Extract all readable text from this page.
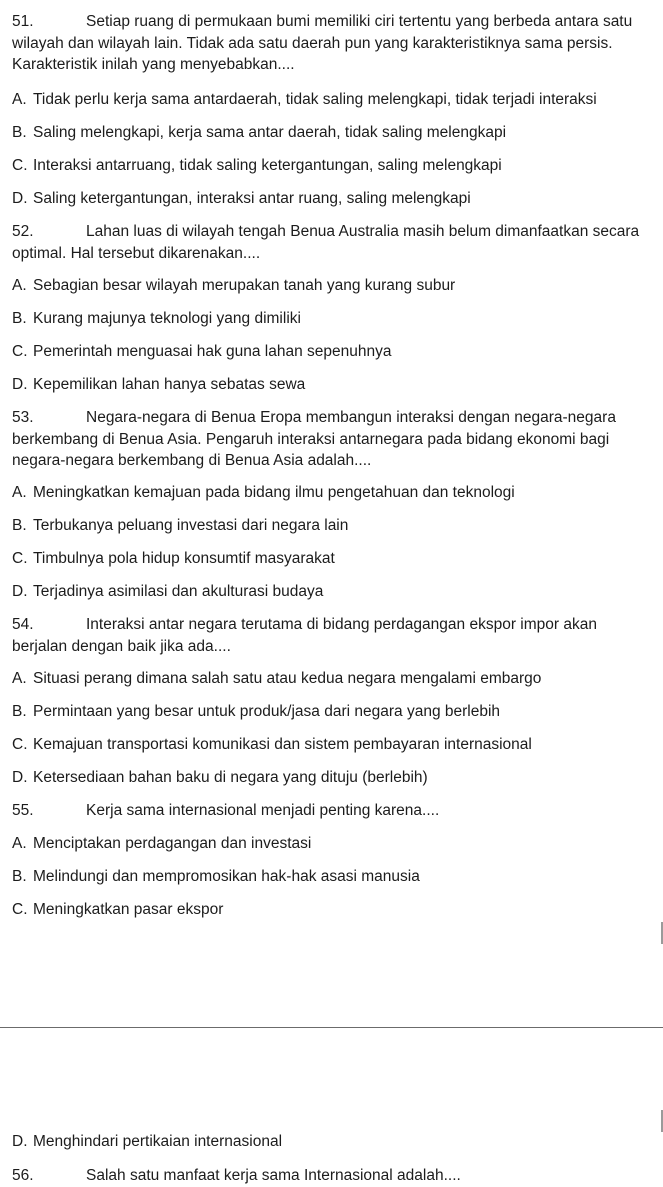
51.	Setiap ruang di permukaan bumi memiliki ciri tertentu yang berbeda antara satu wilayah dan wilayah lain. Tidak ada satu daerah pun yang karakteristiknya sama persis. Karakteristik inilah yang menyebabkan....
A. Tidak perlu kerja sama antardaerah, tidak saling melengkapi, tidak terjadi interaksi
B. Saling melengkapi, kerja sama antar daerah, tidak saling melengkapi
C. Interaksi antarruang, tidak saling ketergantungan, saling melengkapi
D. Saling ketergantungan, interaksi antar ruang, saling melengkapi
52.	Lahan luas di wilayah tengah Benua Australia masih belum dimanfaatkan secara optimal. Hal tersebut dikarenakan....
A. Sebagian besar wilayah merupakan tanah yang kurang subur
B. Kurang majunya teknologi yang dimiliki
C. Pemerintah menguasai hak guna lahan sepenuhnya
D. Kepemilikan lahan hanya sebatas sewa
53.	Negara-negara di Benua Eropa membangun interaksi dengan negara-negara berkembang di Benua Asia. Pengaruh interaksi antarnegara pada bidang ekonomi bagi negara-negara berkembang di Benua Asia adalah....
A. Meningkatkan kemajuan pada bidang ilmu pengetahuan dan teknologi
B. Terbukanya peluang investasi dari negara lain
C. Timbulnya pola hidup konsumtif masyarakat
D. Terjadinya asimilasi dan akulturasi budaya
54.	Interaksi antar negara terutama di bidang perdagangan ekspor impor akan berjalan dengan baik jika ada....
A. Situasi perang dimana salah satu atau kedua negara mengalami embargo
B. Permintaan yang besar untuk produk/jasa dari negara yang berlebih
C. Kemajuan transportasi komunikasi dan sistem pembayaran internasional
D. Ketersediaan bahan baku di negara yang dituju (berlebih)
55.	Kerja sama internasional menjadi penting karena....
A. Menciptakan perdagangan dan investasi
B. Melindungi dan mempromosikan hak-hak asasi manusia
C. Meningkatkan pasar ekspor
D. Menghindari pertikaian internasional
56.	Salah satu manfaat kerja sama Internasional adalah....
